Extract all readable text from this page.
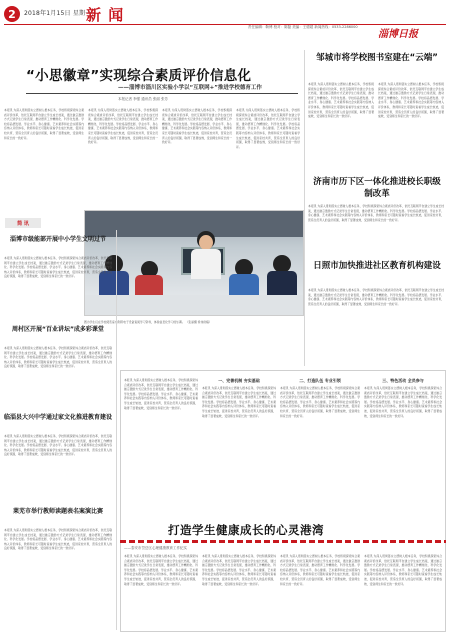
2	2018年1月15日 星期一
新 闻
责任编辑：靳博 校对：陈磊 美编：王德超 新闻热线：0533-2286000
淄博日报
“小思徽章”实现综合素质评价信息化
——淄博市淄川区实验小学以“互联网+”推进学校德育工作
本报记者 李强 通讯员 张丽 张芳
本报讯 为深入贯彻落实立德树人根本任务，学校积极探索综合素质评价改革，依托互联网平台建立学生成长档案，通过徽章激励方式记录学生日常表现，推动德育工作精细化、科学化发展。学校将品德发展、学业水平、身心健康、艺术素养和社会实践等内容纳入评价体系，教师和家长可随时查看学生成长轨迹，促进家校共育，营造全员育人的良好氛围，取得了显著成效，受到师生和家长的一致好评。
本报讯 为深入贯彻落实立德树人根本任务，学校积极探索综合素质评价改革，依托互联网平台建立学生成长档案，通过徽章激励方式记录学生日常表现，推动德育工作精细化、科学化发展。学校将品德发展、学业水平、身心健康、艺术素养和社会实践等内容纳入评价体系，教师和家长可随时查看学生成长轨迹，促进家校共育，营造全员育人的良好氛围，取得了显著成效，受到师生和家长的一致好评。
本报讯 为深入贯彻落实立德树人根本任务，学校积极探索综合素质评价改革，依托互联网平台建立学生成长档案，通过徽章激励方式记录学生日常表现，推动德育工作精细化、科学化发展。学校将品德发展、学业水平、身心健康、艺术素养和社会实践等内容纳入评价体系，教师和家长可随时查看学生成长轨迹，促进家校共育，营造全员育人的良好氛围，取得了显著成效，受到师生和家长的一致好评。
本报讯 为深入贯彻落实立德树人根本任务，学校积极探索综合素质评价改革，依托互联网平台建立学生成长档案，通过徽章激励方式记录学生日常表现，推动德育工作精细化、科学化发展。学校将品德发展、学业水平、身心健康、艺术素养和社会实践等内容纳入评价体系，教师和家长可随时查看学生成长轨迹，促进家校共育，营造全员育人的良好氛围，取得了显著成效，受到师生和家长的一致好评。
图为学生们在学校阅览室内利用电子设备查阅学习资料，体验信息化学习的乐趣。 （张丽摄 徐伟供稿）
简 讯
淄博市级能部开展中小学生文明过节
本报讯 为深入贯彻落实立德树人根本任务，学校积极探索综合素质评价改革，依托互联网平台建立学生成长档案，通过徽章激励方式记录学生日常表现，推动德育工作精细化、科学化发展。学校将品德发展、学业水平、身心健康、艺术素养和社会实践等内容纳入评价体系，教师和家长可随时查看学生成长轨迹，促进家校共育，营造全员育人的良好氛围，取得了显著成效，受到师生和家长的一致好评。
周村区开展“百业讲坛”成多彩课堂
本报讯 为深入贯彻落实立德树人根本任务，学校积极探索综合素质评价改革，依托互联网平台建立学生成长档案，通过徽章激励方式记录学生日常表现，推动德育工作精细化、科学化发展。学校将品德发展、学业水平、身心健康、艺术素养和社会实践等内容纳入评价体系，教师和家长可随时查看学生成长轨迹，促进家校共育，营造全员育人的良好氛围，取得了显著成效，受到师生和家长的一致好评。
临淄县大兴中学通过家文化推进教育建设
本报讯 为深入贯彻落实立德树人根本任务，学校积极探索综合素质评价改革，依托互联网平台建立学生成长档案，通过徽章激励方式记录学生日常表现，推动德育工作精细化、科学化发展。学校将品德发展、学业水平、身心健康、艺术素养和社会实践等内容纳入评价体系，教师和家长可随时查看学生成长轨迹，促进家校共育，营造全员育人的良好氛围，取得了显著成效，受到师生和家长的一致好评。
莱芜市举行教师读题表名案演比赛
本报讯 为深入贯彻落实立德树人根本任务，学校积极探索综合素质评价改革，依托互联网平台建立学生成长档案，通过徽章激励方式记录学生日常表现，推动德育工作精细化、科学化发展。学校将品德发展、学业水平、身心健康、艺术素养和社会实践等内容纳入评价体系，教师和家长可随时查看学生成长轨迹，促进家校共育，营造全员育人的良好氛围，取得了显著成效，受到师生和家长的一致好评。
邹城市将学校图书室建在“云端”
本报讯 为深入贯彻落实立德树人根本任务，学校积极探索综合素质评价改革，依托互联网平台建立学生成长档案，通过徽章激励方式记录学生日常表现，推动德育工作精细化、科学化发展。学校将品德发展、学业水平、身心健康、艺术素养和社会实践等内容纳入评价体系，教师和家长可随时查看学生成长轨迹，促进家校共育，营造全员育人的良好氛围，取得了显著成效，受到师生和家长的一致好评。
本报讯 为深入贯彻落实立德树人根本任务，学校积极探索综合素质评价改革，依托互联网平台建立学生成长档案，通过徽章激励方式记录学生日常表现，推动德育工作精细化、科学化发展。学校将品德发展、学业水平、身心健康、艺术素养和社会实践等内容纳入评价体系，教师和家长可随时查看学生成长轨迹，促进家校共育，营造全员育人的良好氛围，取得了显著成效，受到师生和家长的一致好评。
济南市历下区一体化推进校长职级制改革
本报讯 为深入贯彻落实立德树人根本任务，学校积极探索综合素质评价改革，依托互联网平台建立学生成长档案，通过徽章激励方式记录学生日常表现，推动德育工作精细化、科学化发展。学校将品德发展、学业水平、身心健康、艺术素养和社会实践等内容纳入评价体系，教师和家长可随时查看学生成长轨迹，促进家校共育，营造全员育人的良好氛围，取得了显著成效，受到师生和家长的一致好评。
日照市加快推进社区教育机构建设
本报讯 为深入贯彻落实立德树人根本任务，学校积极探索综合素质评价改革，依托互联网平台建立学生成长档案，通过徽章激励方式记录学生日常表现，推动德育工作精细化、科学化发展。学校将品德发展、学业水平、身心健康、艺术素养和社会实践等内容纳入评价体系，教师和家长可随时查看学生成长轨迹，促进家校共育，营造全员育人的良好氛围，取得了显著成效，受到师生和家长的一致好评。
本报讯 为深入贯彻落实立德树人根本任务，学校积极探索综合素质评价改革，依托互联网平台建立学生成长档案，通过徽章激励方式记录学生日常表现，推动德育工作精细化、科学化发展。学校将品德发展、学业水平、身心健康、艺术素养和社会实践等内容纳入评价体系，教师和家长可随时查看学生成长轨迹，促进家校共育，营造全员育人的良好氛围，取得了显著成效，受到师生和家长的一致好评。
一、完善机制 夯实基础
本报讯 为深入贯彻落实立德树人根本任务，学校积极探索综合素质评价改革，依托互联网平台建立学生成长档案，通过徽章激励方式记录学生日常表现，推动德育工作精细化、科学化发展。学校将品德发展、学业水平、身心健康、艺术素养和社会实践等内容纳入评价体系，教师和家长可随时查看学生成长轨迹，促进家校共育，营造全员育人的良好氛围，取得了显著成效，受到师生和家长的一致好评。
二、打造队伍 专业引领
本报讯 为深入贯彻落实立德树人根本任务，学校积极探索综合素质评价改革，依托互联网平台建立学生成长档案，通过徽章激励方式记录学生日常表现，推动德育工作精细化、科学化发展。学校将品德发展、学业水平、身心健康、艺术素养和社会实践等内容纳入评价体系，教师和家长可随时查看学生成长轨迹，促进家校共育，营造全员育人的良好氛围，取得了显著成效，受到师生和家长的一致好评。
三、特色活动 全员参与
本报讯 为深入贯彻落实立德树人根本任务，学校积极探索综合素质评价改革，依托互联网平台建立学生成长档案，通过徽章激励方式记录学生日常表现，推动德育工作精细化、科学化发展。学校将品德发展、学业水平、身心健康、艺术素养和社会实践等内容纳入评价体系，教师和家长可随时查看学生成长轨迹，促进家校共育，营造全员育人的良好氛围，取得了显著成效，受到师生和家长的一致好评。
打造学生健康成长的心灵港湾
——泰安市岱岳区心理健康教育工作纪实
本报讯 为深入贯彻落实立德树人根本任务，学校积极探索综合素质评价改革，依托互联网平台建立学生成长档案，通过徽章激励方式记录学生日常表现，推动德育工作精细化、科学化发展。学校将品德发展、学业水平、身心健康、艺术素养和社会实践等内容纳入评价体系，教师和家长可随时查看学生成长轨迹，促进家校共育，营造全员育人的良好氛围，取得了显著成效，受到师生和家长的一致好评。
本报讯 为深入贯彻落实立德树人根本任务，学校积极探索综合素质评价改革，依托互联网平台建立学生成长档案，通过徽章激励方式记录学生日常表现，推动德育工作精细化、科学化发展。学校将品德发展、学业水平、身心健康、艺术素养和社会实践等内容纳入评价体系，教师和家长可随时查看学生成长轨迹，促进家校共育，营造全员育人的良好氛围，取得了显著成效，受到师生和家长的一致好评。
本报讯 为深入贯彻落实立德树人根本任务，学校积极探索综合素质评价改革，依托互联网平台建立学生成长档案，通过徽章激励方式记录学生日常表现，推动德育工作精细化、科学化发展。学校将品德发展、学业水平、身心健康、艺术素养和社会实践等内容纳入评价体系，教师和家长可随时查看学生成长轨迹，促进家校共育，营造全员育人的良好氛围，取得了显著成效，受到师生和家长的一致好评。
本报讯 为深入贯彻落实立德树人根本任务，学校积极探索综合素质评价改革，依托互联网平台建立学生成长档案，通过徽章激励方式记录学生日常表现，推动德育工作精细化、科学化发展。学校将品德发展、学业水平、身心健康、艺术素养和社会实践等内容纳入评价体系，教师和家长可随时查看学生成长轨迹，促进家校共育，营造全员育人的良好氛围，取得了显著成效，受到师生和家长的一致好评。
